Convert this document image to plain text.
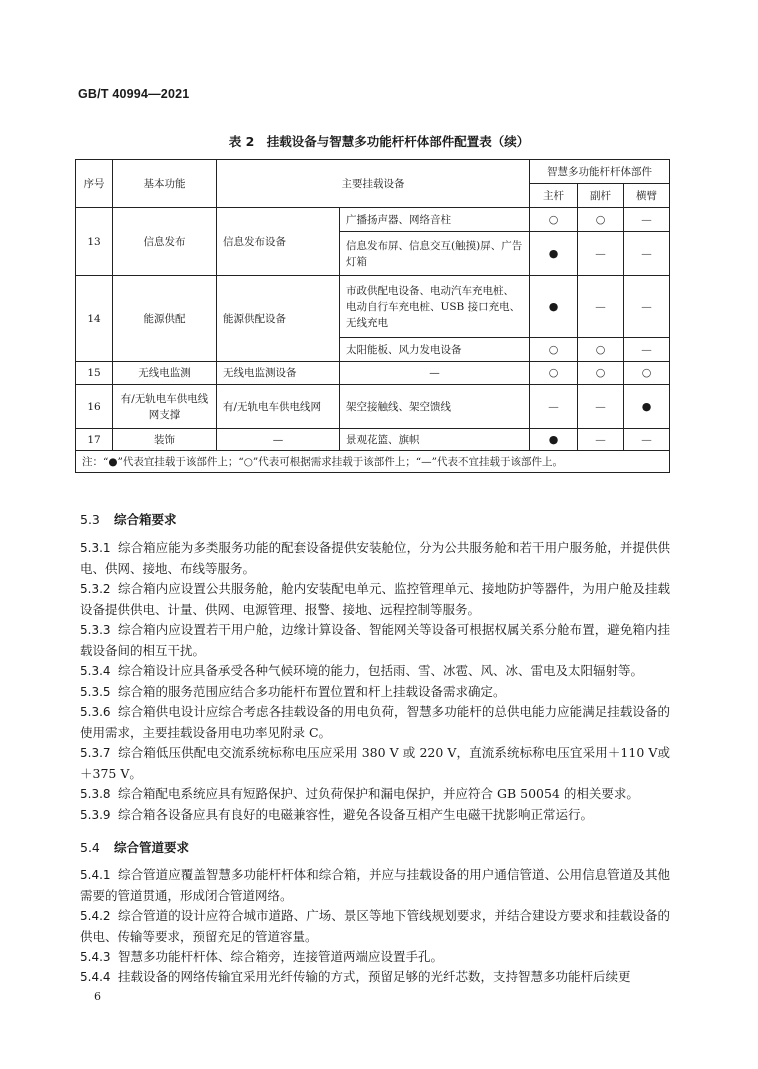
GB/T 40994—2021
表 2　挂载设备与智慧多功能杆杆体部件配置表（续）
序号	基本功能	主要挂载设备		智慧多功能杆杆体部件		
				主杆	副杆	横臂
13	信息发布	信息发布设备	广播扬声器、网络音柱	○	○	—
			信息发布屏、信息交互(触摸)屏、广告灯箱	●	—	—
14	能源供配	能源供配设备	市政供配电设备、电动汽车充电桩、电动自行车充电桩、USB 接口充电、无线充电	●	—	—
			太阳能板、风力发电设备	○	○	—
15	无线电监测	无线电监测设备	—	○	○	○
16	有/无轨电车供电线网支撑	有/无轨电车供电线网	架空接触线、架空馈线	—	—	●
17	装饰	—	景观花篮、旗帜	●	—	—
注：“●”代表宜挂载于该部件上；“○”代表可根据需求挂载于该部件上；“—”代表不宜挂载于该部件上。						
5.3 综合箱要求
5.3.1 综合箱应能为多类服务功能的配套设备提供安装舱位，分为公共服务舱和若干用户服务舱，并提供供电、供网、接地、布线等服务。
5.3.2 综合箱内应设置公共服务舱，舱内安装配电单元、监控管理单元、接地防护等器件，为用户舱及挂载设备提供供电、计量、供网、电源管理、报警、接地、远程控制等服务。
5.3.3 综合箱内应设置若干用户舱，边缘计算设备、智能网关等设备可根据权属关系分舱布置，避免箱内挂载设备间的相互干扰。
5.3.4 综合箱设计应具备承受各种气候环境的能力，包括雨、雪、冰雹、风、冰、雷电及太阳辐射等。
5.3.5 综合箱的服务范围应结合多功能杆布置位置和杆上挂载设备需求确定。
5.3.6 综合箱供电设计应综合考虑各挂载设备的用电负荷，智慧多功能杆的总供电能力应能满足挂载设备的使用需求，主要挂载设备用电功率见附录 C。
5.3.7 综合箱低压供配电交流系统标称电压应采用 380 V 或 220 V，直流系统标称电压宜采用＋110 V或＋375 V。
5.3.8 综合箱配电系统应具有短路保护、过负荷保护和漏电保护，并应符合 GB 50054 的相关要求。
5.3.9 综合箱各设备应具有良好的电磁兼容性，避免各设备互相产生电磁干扰影响正常运行。
5.4 综合管道要求
5.4.1 综合管道应覆盖智慧多功能杆杆体和综合箱，并应与挂载设备的用户通信管道、公用信息管道及其他需要的管道贯通，形成闭合管道网络。
5.4.2 综合管道的设计应符合城市道路、广场、景区等地下管线规划要求，并结合建设方要求和挂载设备的供电、传输等要求，预留充足的管道容量。
5.4.3 智慧多功能杆杆体、综合箱旁，连接管道两端应设置手孔。
5.4.4 挂载设备的网络传输宜采用光纤传输的方式，预留足够的光纤芯数，支持智慧多功能杆后续更
6
